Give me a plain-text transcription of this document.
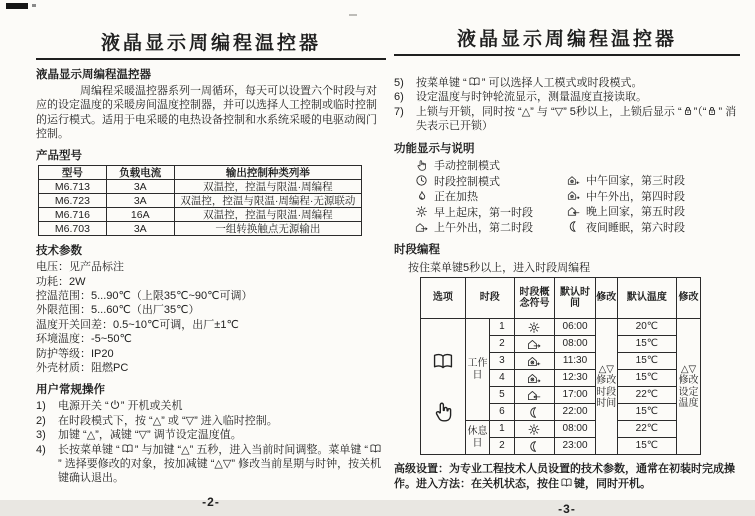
液晶显示周编程温控器
液晶显示周编程温控器

周编程采暖温控器系列一周循环，每天可以设置六个时段与对应的设定温度的采暖房间温度控制器，并可以选择人工控制或临时控制的运行模式。适用于电采暖的电热设备控制和水系统采暖的电驱动阀门控制。

产品型号
型号	负载电流	输出控制种类列举
M6.713	3A	双温控，控温与限温·周编程
M6.723	3A	双温控，控温与限温·周编程·无源联动
M6.716	16A	双温控，控温与限温·周编程
M6.703	3A	一组转换触点无源输出
技术参数
电压：见产品标注
功耗：2W
控温范围：5...90℃（上限35℃~90℃可调）
外限范围：5...60℃（出厂35℃）
温度开关回差：0.5~10℃可调，出厂±1℃
环境温度：-5~50℃
防护等级：IP20
外壳材质：阻燃PC
用户常规操作
1)	电源开关 “ ” 开机或关机
2)	在时段模式下，按 “△” 或 “▽” 进入临时控制。
3)	加键 “△”，减键 “▽” 调节设定温度值。
4)	长按菜单键 “ ” 与加键 “△” 五秒，进入当前时间调整。菜单键 “” 选择要修改的对象，按加减键 “△▽” 修改当前星期与时钟，按关机键确认退出。
-2-
液晶显示周编程温控器
5)	按菜单键 “ ” 可以选择人工模式或时段模式。
6)	设定温度与时钟轮流显示，测量温度直接读取。
7)	上锁与开锁，同时按 “△” 与 “▽” 5秒以上，上锁后显示 “ ”（“ ” 消失表示已开锁）
功能显示与说明
手动控制模式
时段控制模式
正在加热
早上起床，第一时段
上午外出，第二时段
中午回家，第三时段
中午外出，第四时段
晚上回家，第五时段
夜间睡眠，第六时段
时段编程
按住菜单键5秒以上，进入时段周编程
选项	时段		时段概念符号	默认时间	修改	默认温度	修改

	工作日	1		06:00	△▽修改时段时间	20℃	△▽修改设定温度
		2		08:00		15℃	
		3		11:30		15℃	
		4		12:30		15℃	
		5		17:00		22℃	
		6		22:00		15℃	
	休息日	1		08:00		22℃	
		2		23:00		15℃	

高级设置：为专业工程技术人员设置的技术参数，通常在初装时完成操作。进入方法：在关机状态，按住 键，同时开机。

-3-
